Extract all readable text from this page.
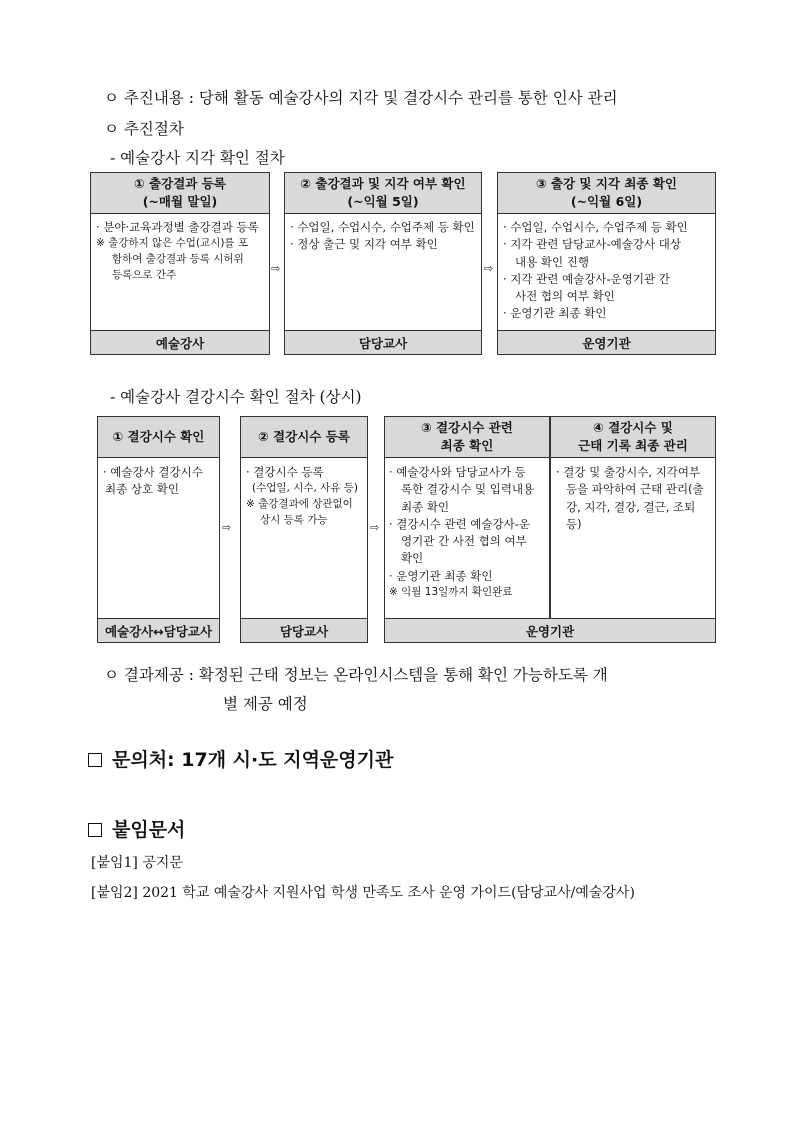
ㅇ 추진내용 : 당해 활동 예술강사의 지각 및 결강시수 관리를 통한 인사 관리
ㅇ 추진절차
- 예술강사 지각 확인 절차
① 출강결과 등록
(~매월 말일)
· 분야·교육과정별 출강결과 등록
※ 출강하지 않은 수업(교시)를 포
함하여 출강결과 등록 시허위
등록으로 간주
예술강사
⇨
② 출강결과 및 지각 여부 확인
(~익월 5일)
· 수업일, 수업시수, 수업주제 등 확인
· 정상 출근 및 지각 여부 확인
담당교사
⇨
③ 출강 및 지각 최종 확인
(~익월 6일)
· 수업일, 수업시수, 수업주제 등 확인
· 지각 관련 담당교사-예술강사 대상
내용 확인 진행
· 지각 관련 예술강사-운영기관 간
사전 협의 여부 확인
· 운영기관 최종 확인
운영기관
- 예술강사 결강시수 확인 절차 (상시)
① 결강시수 확인
· 예술강사 결강시수
최종 상호 확인
예술강사↔담당교사
⇨
② 결강시수 등록
· 결강시수 등록
(수업일, 시수, 사유 등)
※ 출강결과에 상관없이
상시 등록 가능
담당교사
⇨
③ 결강시수 관련
최종 확인
· 예술강사와 담당교사가 등
록한 결강시수 및 입력내용
최종 확인
· 결강시수 관련 예술강사-운
영기관 간 사전 협의 여부
확인
· 운영기관 최종 확인
※ 익월 13일까지 확인완료
④ 결강시수 및
근태 기록 최종 관리
· 결강 및 출강시수, 지각여부
등을 파악하여 근태 관리(출
강, 지각, 결강, 결근, 조퇴 등)
운영기관
ㅇ 결과제공 : 확정된 근태 정보는 온라인시스템을 통해 확인 가능하도록 개
별 제공 예정
문의처: 17개 시·도 지역운영기관
붙임문서
[붙임1] 공지문
[붙임2] 2021 학교 예술강사 지원사업 학생 만족도 조사 운영 가이드(담당교사/예술강사)
